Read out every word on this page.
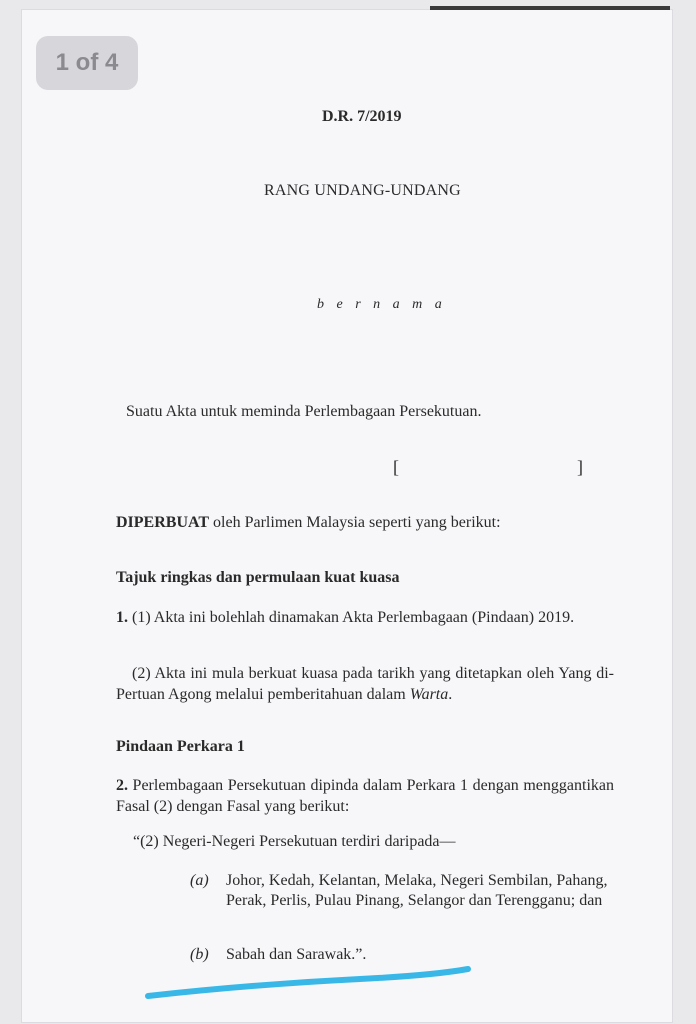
1 of 4

D.R. 7/2019

RANG UNDANG-UNDANG

b e r n a m a

Suatu Akta untuk meminda Perlembagaan Persekutuan.

[	]

DIPERBUAT oleh Parlimen Malaysia seperti yang berikut:

Tajuk ringkas dan permulaan kuat kuasa

1. (1) Akta ini bolehlah dinamakan Akta Perlembagaan (Pindaan) 2019.

(2) Akta ini mula berkuat kuasa pada tarikh yang ditetapkan oleh Yang di-Pertuan Agong melalui pemberitahuan dalam Warta.

Pindaan Perkara 1

2. Perlembagaan Persekutuan dipinda dalam Perkara 1 dengan menggantikan Fasal (2) dengan Fasal yang berikut:

“(2) Negeri-Negeri Persekutuan terdiri daripada—

(a) Johor, Kedah, Kelantan, Melaka, Negeri Sembilan, Pahang, Perak, Perlis, Pulau Pinang, Selangor dan Terengganu; dan

(b) Sabah dan Sarawak.”.
